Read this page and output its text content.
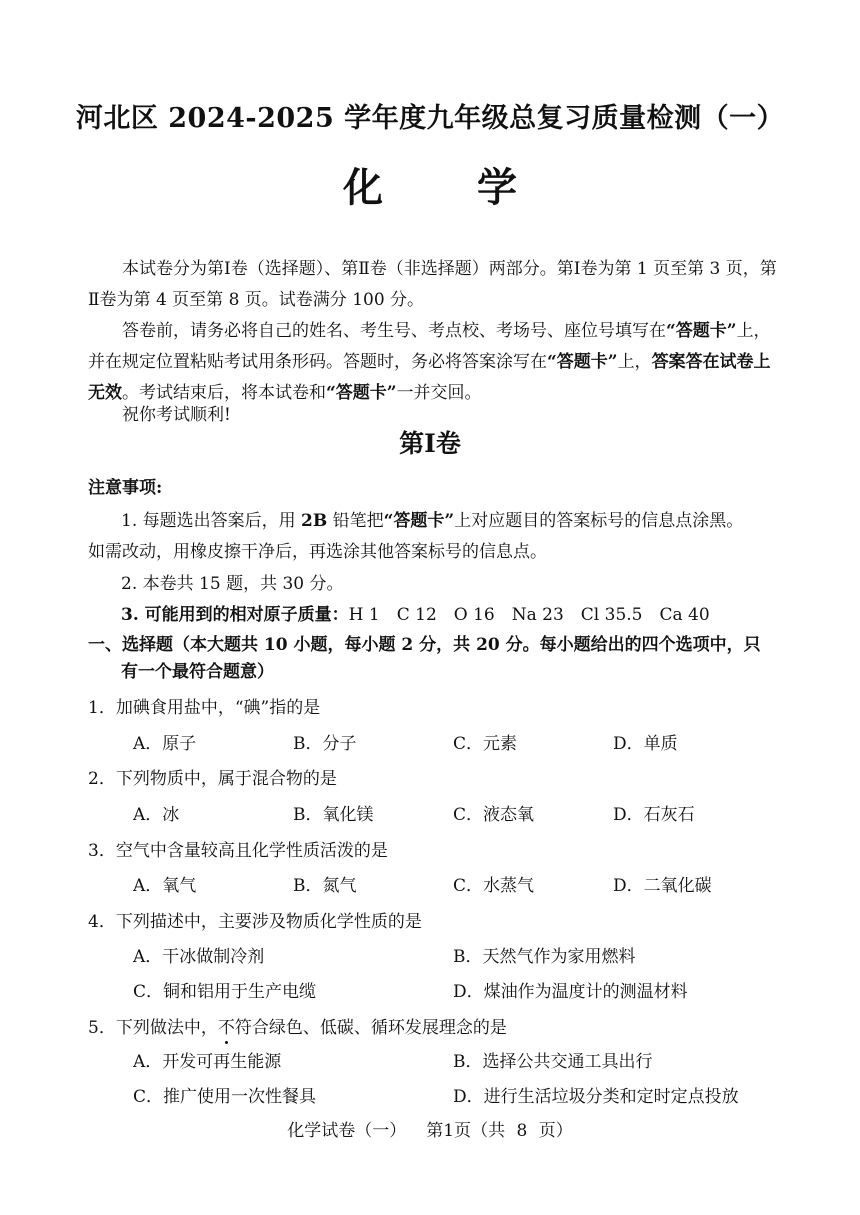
河北区 2024-2025 学年度九年级总复习质量检测（一）
化 学
本试卷分为第Ⅰ卷（选择题）、第Ⅱ卷（非选择题）两部分。第Ⅰ卷为第 1 页至第 3 页，第Ⅱ卷为第 4 页至第 8 页。试卷满分 100 分。
答卷前，请务必将自己的姓名、考生号、考点校、考场号、座位号填写在“答题卡”上，并在规定位置粘贴考试用条形码。答题时，务必将答案涂写在“答题卡”上，答案答在试卷上无效。考试结束后，将本试卷和“答题卡”一并交回。
祝你考试顺利!
第Ⅰ卷
注意事项:
1. 每题选出答案后，用 2B 铅笔把“答题卡”上对应题目的答案标号的信息点涂黑。
如需改动，用橡皮擦干净后，再选涂其他答案标号的信息点。
2. 本卷共 15 题，共 30 分。
3. 可能用到的相对原子质量：H 1　C 12　O 16　Na 23　Cl 35.5　Ca 40
一、选择题（本大题共 10 小题，每小题 2 分，共 20 分。每小题给出的四个选项中，只
有一个最符合题意）
1．加碘食用盐中，“碘”指的是
A．原子	B．分子	C．元素	D．单质
2．下列物质中，属于混合物的是
A．冰	B．氧化镁	C．液态氧	D．石灰石
3．空气中含量较高且化学性质活泼的是
A．氧气	B．氮气	C．水蒸气	D．二氧化碳
4．下列描述中，主要涉及物质化学性质的是
A．干冰做制冷剂	B．天然气作为家用燃料
C．铜和铝用于生产电缆	D．煤油作为温度计的测温材料
5．下列做法中，不符合绿色、低碳、循环发展理念的是
A．开发可再生能源	B．选择公共交通工具出行
C．推广使用一次性餐具	D．进行生活垃圾分类和定时定点投放
化学试卷（一） 第1页（共 8 页）
